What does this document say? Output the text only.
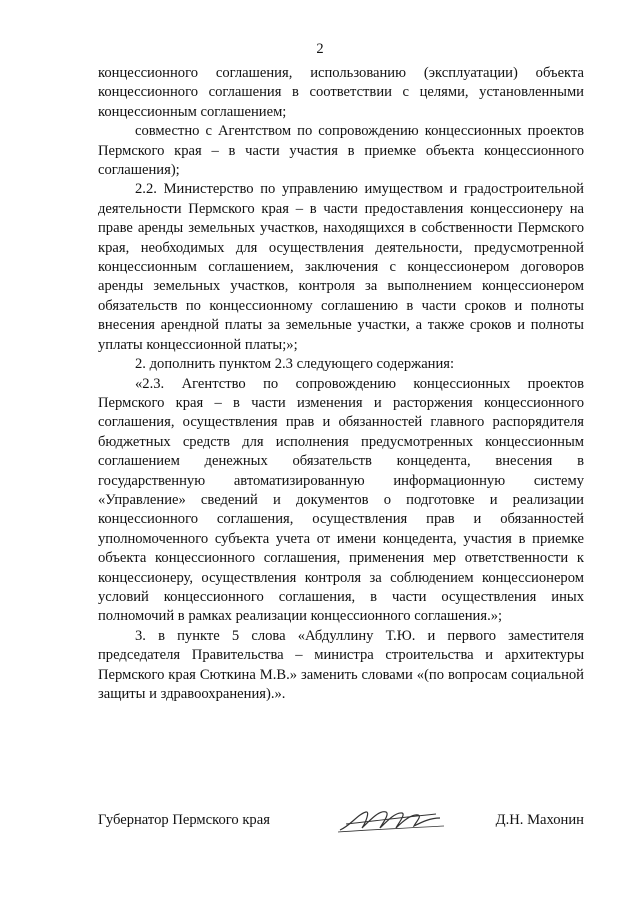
2

концессионного соглашения, использованию (эксплуатации) объекта концессионного соглашения в соответствии с целями, установленными концессионным соглашением;

совместно с Агентством по сопровождению концессионных проектов Пермского края – в части участия в приемке объекта концессионного соглашения);

2.2. Министерство по управлению имуществом и градостроительной деятельности Пермского края – в части предоставления концессионеру на праве аренды земельных участков, находящихся в собственности Пермского края, необходимых для осуществления деятельности, предусмотренной концессионным соглашением, заключения с концессионером договоров аренды земельных участков, контроля за выполнением концессионером обязательств по концессионному соглашению в части сроков и полноты внесения арендной платы за земельные участки, а также сроков и полноты уплаты концессионной платы;»;

2. дополнить пунктом 2.3 следующего содержания:

«2.3. Агентство по сопровождению концессионных проектов Пермского края – в части изменения и расторжения концессионного соглашения, осуществления прав и обязанностей главного распорядителя бюджетных средств для исполнения предусмотренных концессионным соглашением денежных обязательств концедента, внесения в государственную автоматизированную информационную систему «Управление» сведений и документов о подготовке и реализации концессионного соглашения, осуществления прав и обязанностей уполномоченного субъекта учета от имени концедента, участия в приемке объекта концессионного соглашения, применения мер ответственности к концессионеру, осуществления контроля за соблюдением концессионером условий концессионного соглашения, в части осуществления иных полномочий в рамках реализации концессионного соглашения.»;

3. в пункте 5 слова «Абдуллину Т.Ю. и первого заместителя председателя Правительства – министра строительства и архитектуры Пермского края Сюткина М.В.» заменить словами «(по вопросам социальной защиты и здравоохранения).».

Губернатор Пермского края	Д.Н. Махонин
